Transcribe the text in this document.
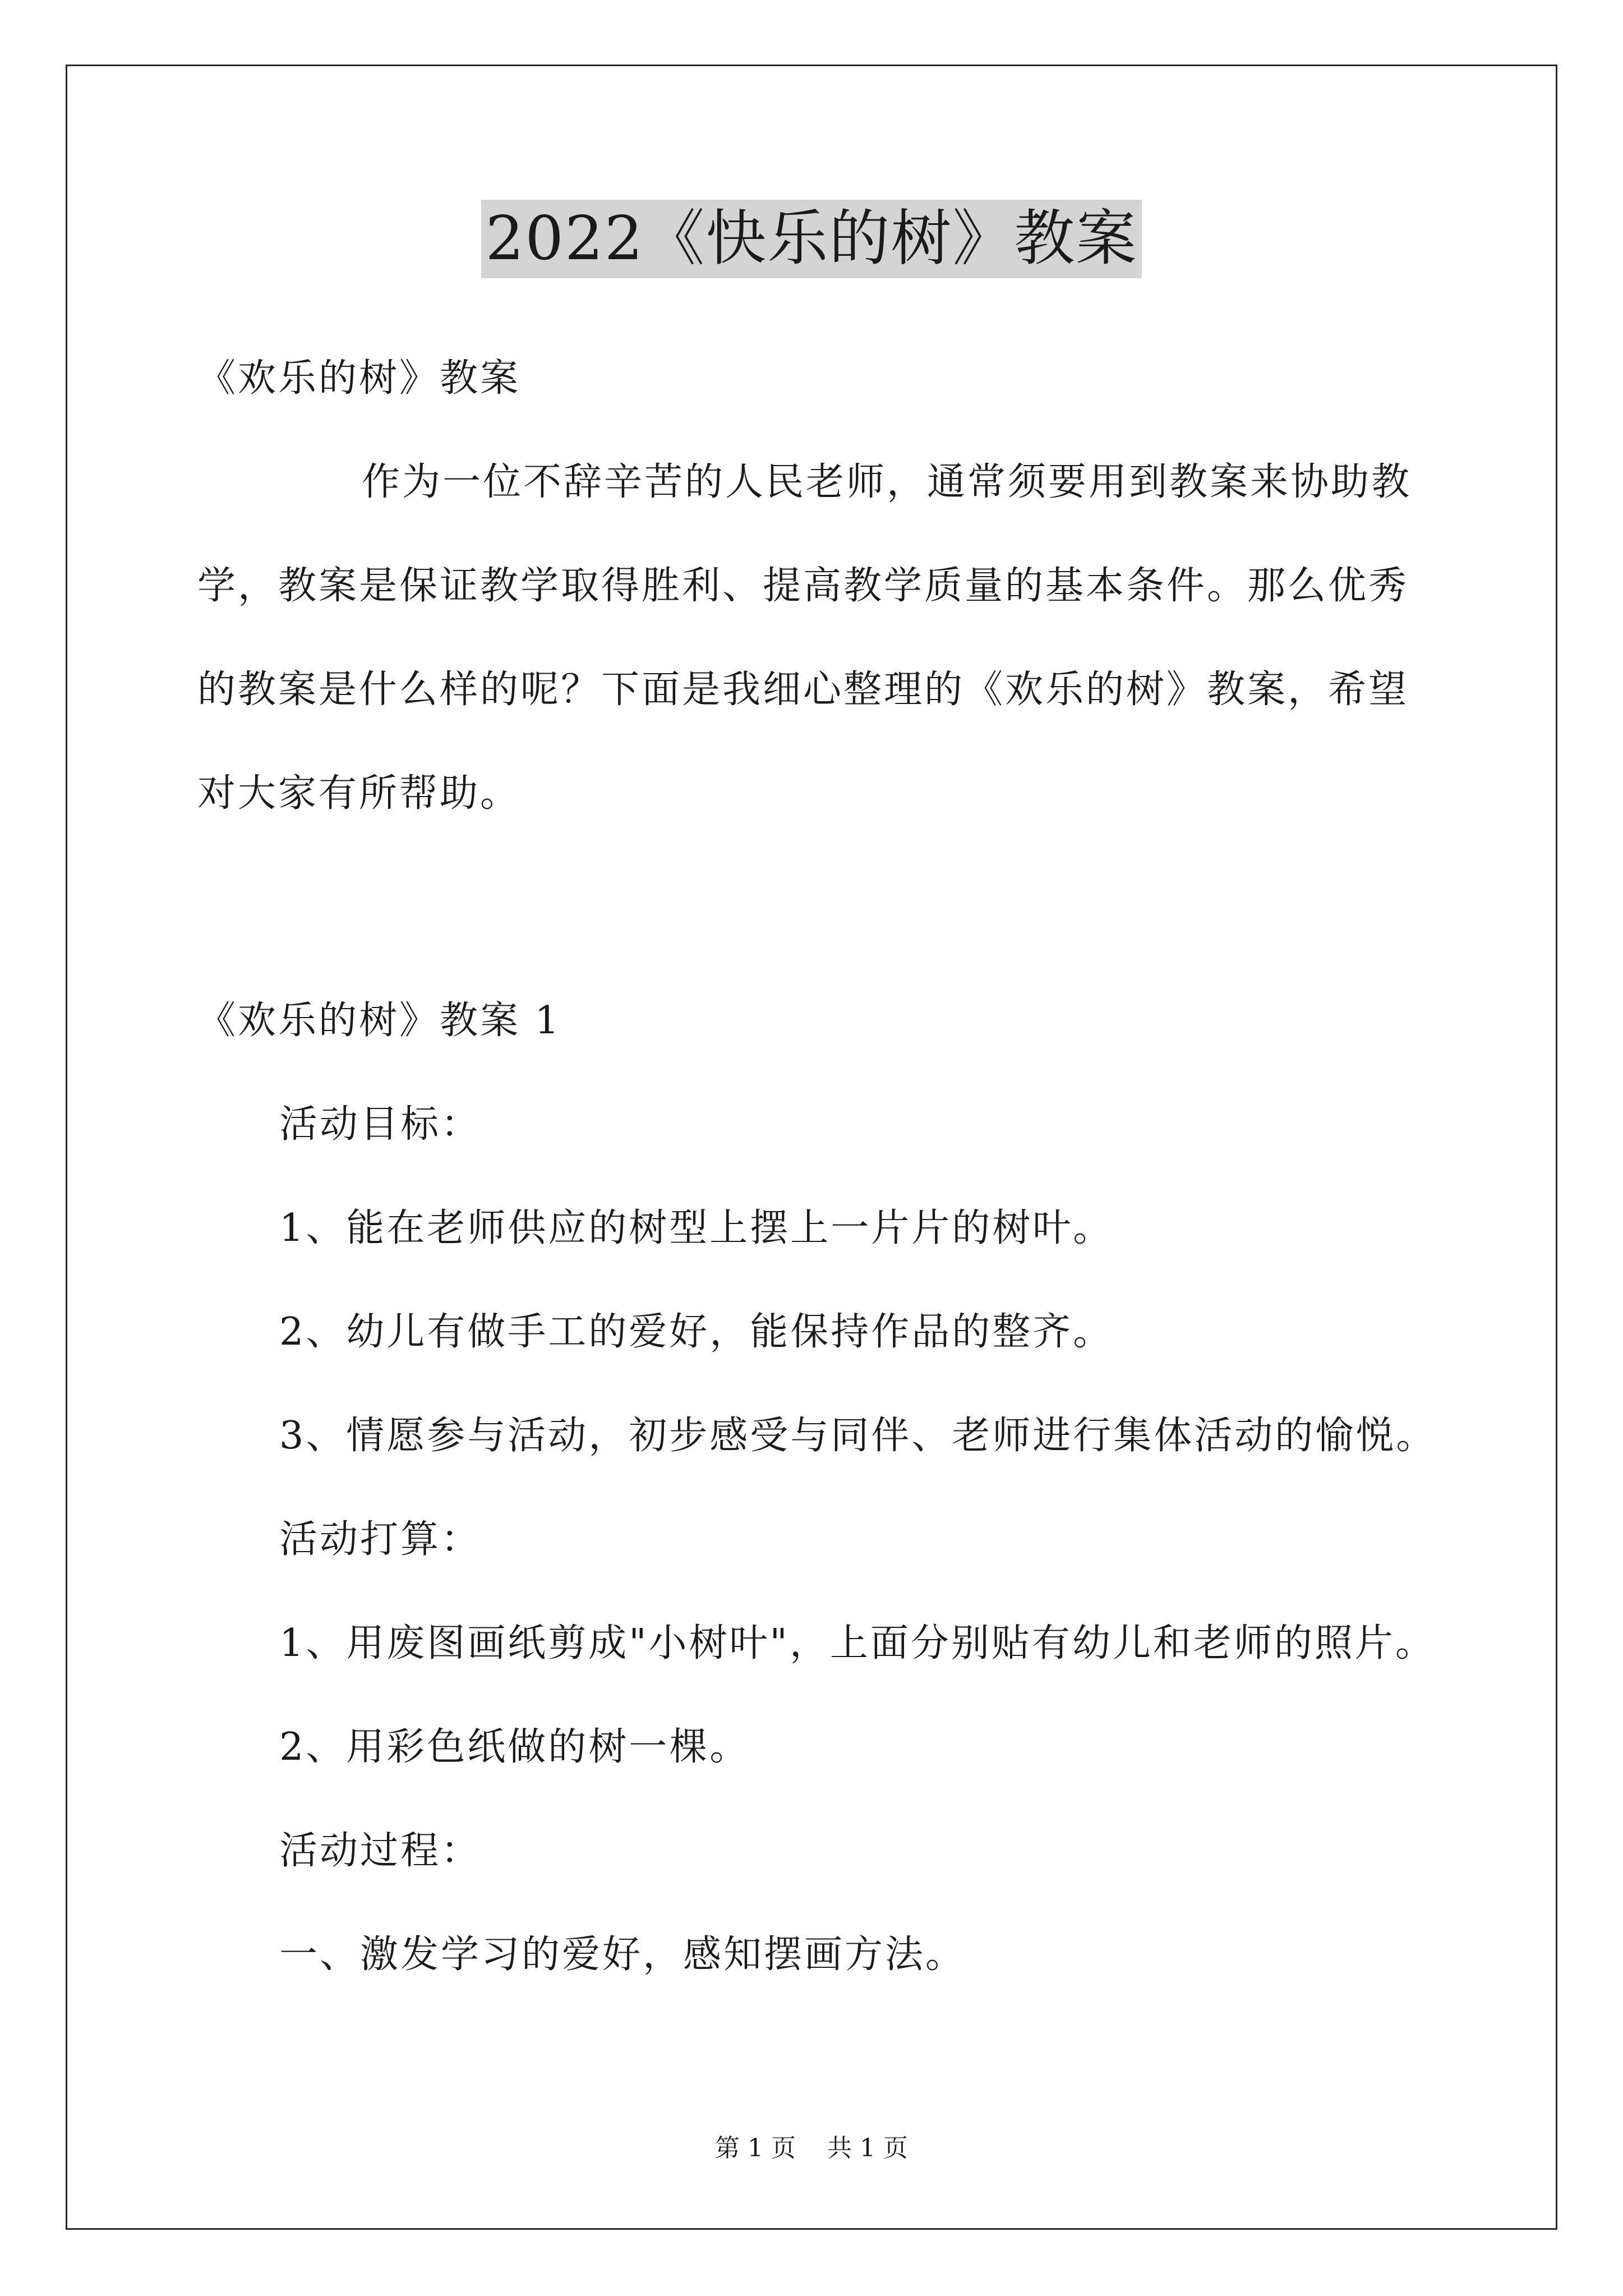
2022《快乐的树》教案
《欢乐的树》教案
作为一位不辞辛苦的人民老师，通常须要用到教案来协助教
学，教案是保证教学取得胜利、提高教学质量的基本条件。那么优秀
的教案是什么样的呢？下面是我细心整理的《欢乐的树》教案，希望
对大家有所帮助。
《欢乐的树》教案 1
活动目标：
1、能在老师供应的树型上摆上一片片的树叶。
2、幼儿有做手工的爱好，能保持作品的整齐。
3、情愿参与活动，初步感受与同伴、老师进行集体活动的愉悦。
活动打算：
1、用废图画纸剪成"小树叶"，上面分别贴有幼儿和老师的照片。
2、用彩色纸做的树一棵。
活动过程：
一、激发学习的爱好，感知摆画方法。
第 1 页    共 1 页
